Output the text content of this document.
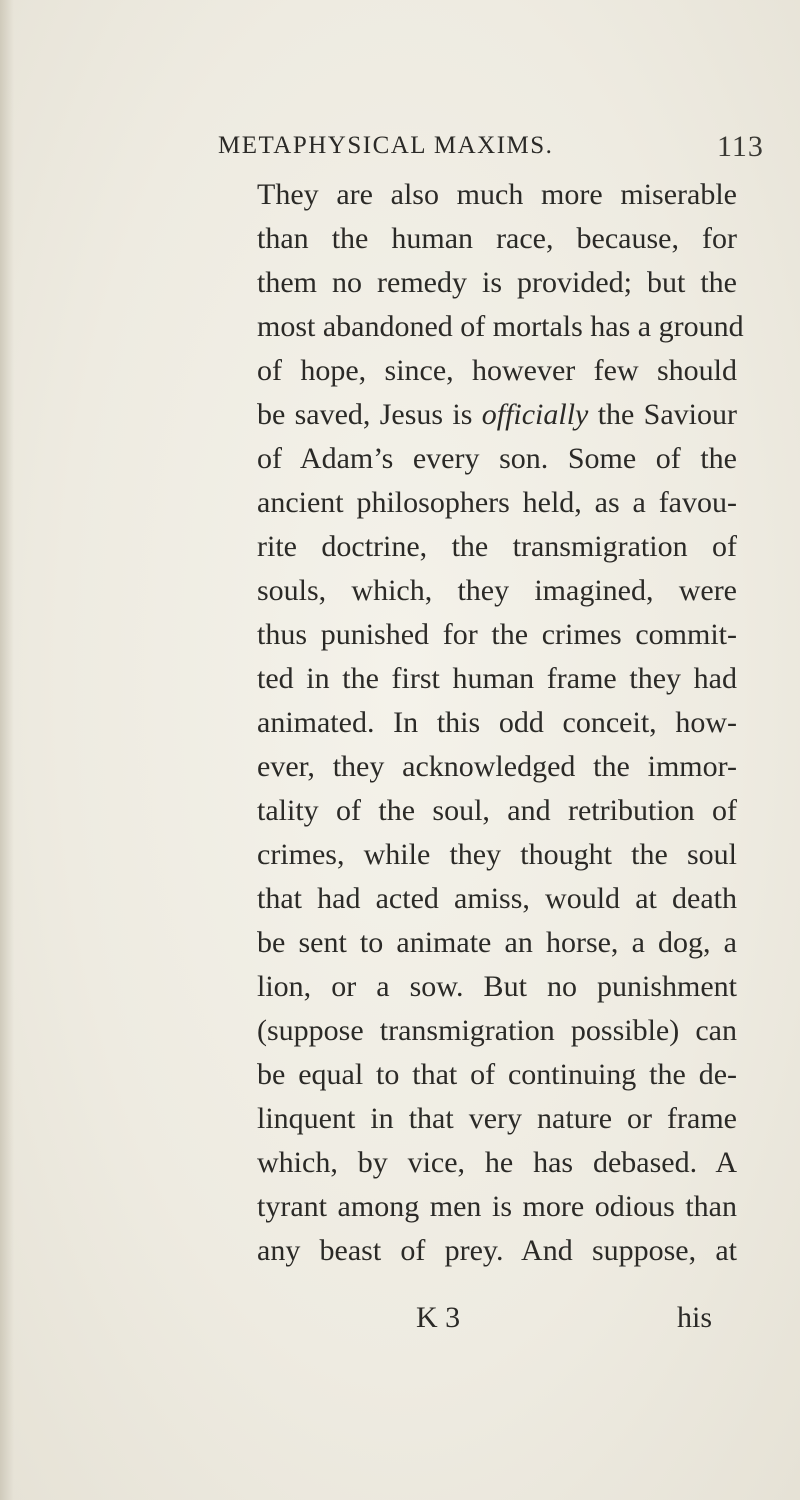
METAPHYSICAL MAXIMS.	113
They are also much more miserable
than the human race, because, for
them no remedy is provided; but the
most abandoned of mortals has a ground
of hope, since, however few should
be saved, Jesus is officially the Saviour
of Adam’s every son. Some of the
ancient philosophers held, as a favou-
rite doctrine, the transmigration of
souls, which, they imagined, were
thus punished for the crimes commit-
ted in the first human frame they had
animated. In this odd conceit, how-
ever, they acknowledged the immor-
tality of the soul, and retribution of
crimes, while they thought the soul
that had acted amiss, would at death
be sent to animate an horse, a dog, a
lion, or a sow. But no punishment
(suppose transmigration possible) can
be equal to that of continuing the de-
linquent in that very nature or frame
which, by vice, he has debased. A
tyrant among men is more odious than
any beast of prey. And suppose, at
K 3	his
